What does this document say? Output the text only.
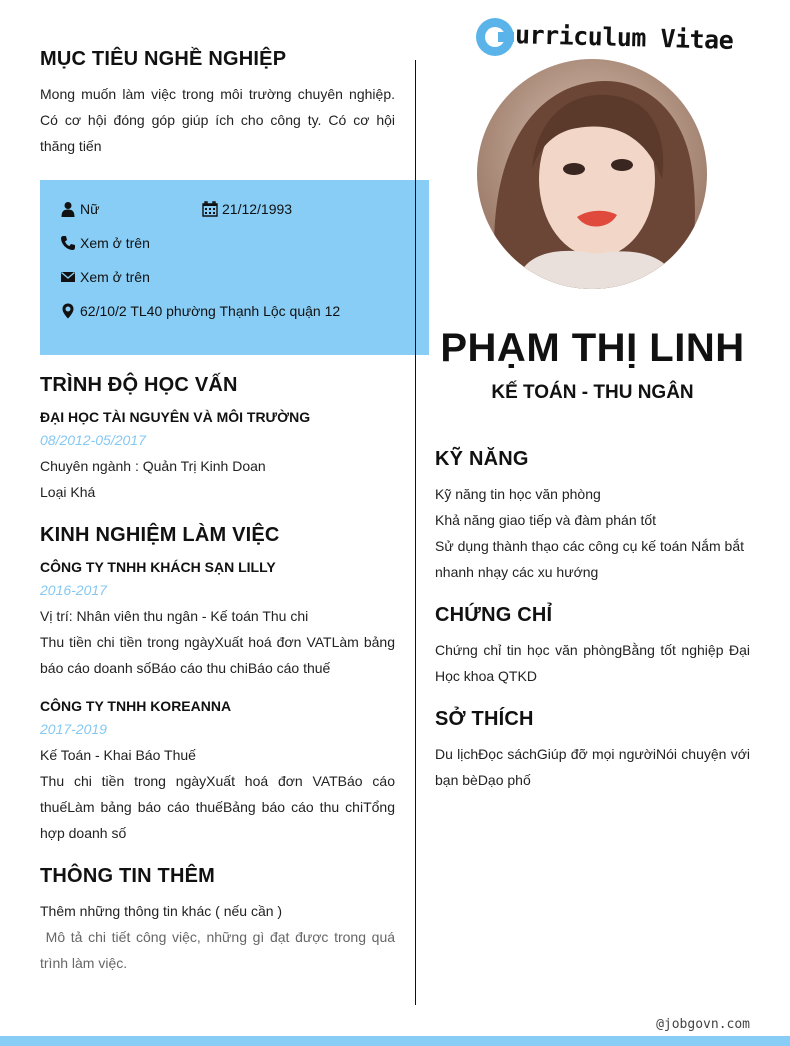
urriculum Vitae
MỤC TIÊU NGHỀ NGHIỆP
Mong muốn làm việc trong môi trường chuyên nghiệp. Có cơ hội đóng góp giúp ích cho công ty. Có cơ hội thăng tiến
Nữ	21/12/1993
Xem ở trên
Xem ở trên
62/10/2 TL40 phường Thạnh Lộc quận 12
TRÌNH ĐỘ HỌC VẤN
ĐẠI HỌC TÀI NGUYÊN VÀ MÔI TRƯỜNG
08/2012-05/2017
Chuyên ngành : Quản Trị Kinh Doan
Loại Khá
KINH NGHIỆM LÀM VIỆC
CÔNG TY TNHH KHÁCH SẠN LILLY
2016-2017
Vị trí: Nhân viên thu ngân - Kế toán Thu chi
Thu tiền chi tiền trong ngàyXuất hoá đơn VATLàm bảng báo cáo doanh sốBáo cáo thu chiBáo cáo thuế
CÔNG TY TNHH KOREANNA
2017-2019
Kế Toán - Khai Báo Thuế
Thu chi tiền trong ngàyXuất hoá đơn VATBáo cáo thuếLàm bảng báo cáo thuếBảng báo cáo thu chiTổng hợp doanh số
THÔNG TIN THÊM
Thêm những thông tin khác ( nếu cần )
Mô tả chi tiết công việc, những gì đạt được trong quá trình làm việc.
PHẠM THỊ LINH
KẾ TOÁN - THU NGÂN
KỸ NĂNG
Kỹ năng tin học văn phòng
Khả năng giao tiếp và đàm phán tốt
Sử dụng thành thạo các công cụ kế toán Nắm bắt nhanh nhạy các xu hướng
CHỨNG CHỈ
Chứng chỉ tin học văn phòngBằng tốt nghiệp Đại Học khoa QTKD
SỞ THÍCH
Du lịchĐọc sáchGiúp đỡ mọi ngườiNói chuyện với bạn bèDạo phố
@jobgovn.com
